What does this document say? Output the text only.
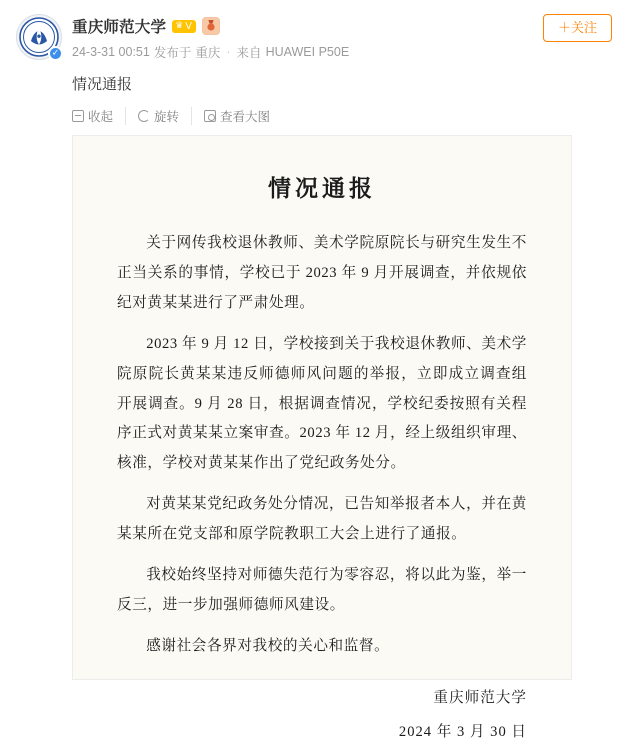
✓
重庆师范大学 ♛ V
24-3-31 00:51 发布于 重庆 · 来自 HUAWEI P50E
＋关注
情况通报
收起	旋转	查看大图
情况通报

关于网传我校退休教师、美术学院原院长与研究生发生不正当关系的事情，学校已于 2023 年 9 月开展调查，并依规依纪对黄某某进行了严肃处理。

2023 年 9 月 12 日，学校接到关于我校退休教师、美术学院原院长黄某某违反师德师风问题的举报，立即成立调查组开展调查。9 月 28 日，根据调查情况，学校纪委按照有关程序正式对黄某某立案审查。2023 年 12 月，经上级组织审理、核准，学校对黄某某作出了党纪政务处分。

对黄某某党纪政务处分情况，已告知举报者本人，并在黄某某所在党支部和原学院教职工大会上进行了通报。

我校始终坚持对师德失范行为零容忍，将以此为鉴，举一反三，进一步加强师德师风建设。

感谢社会各界对我校的关心和监督。

重庆师范大学

2024 年 3 月 30 日
